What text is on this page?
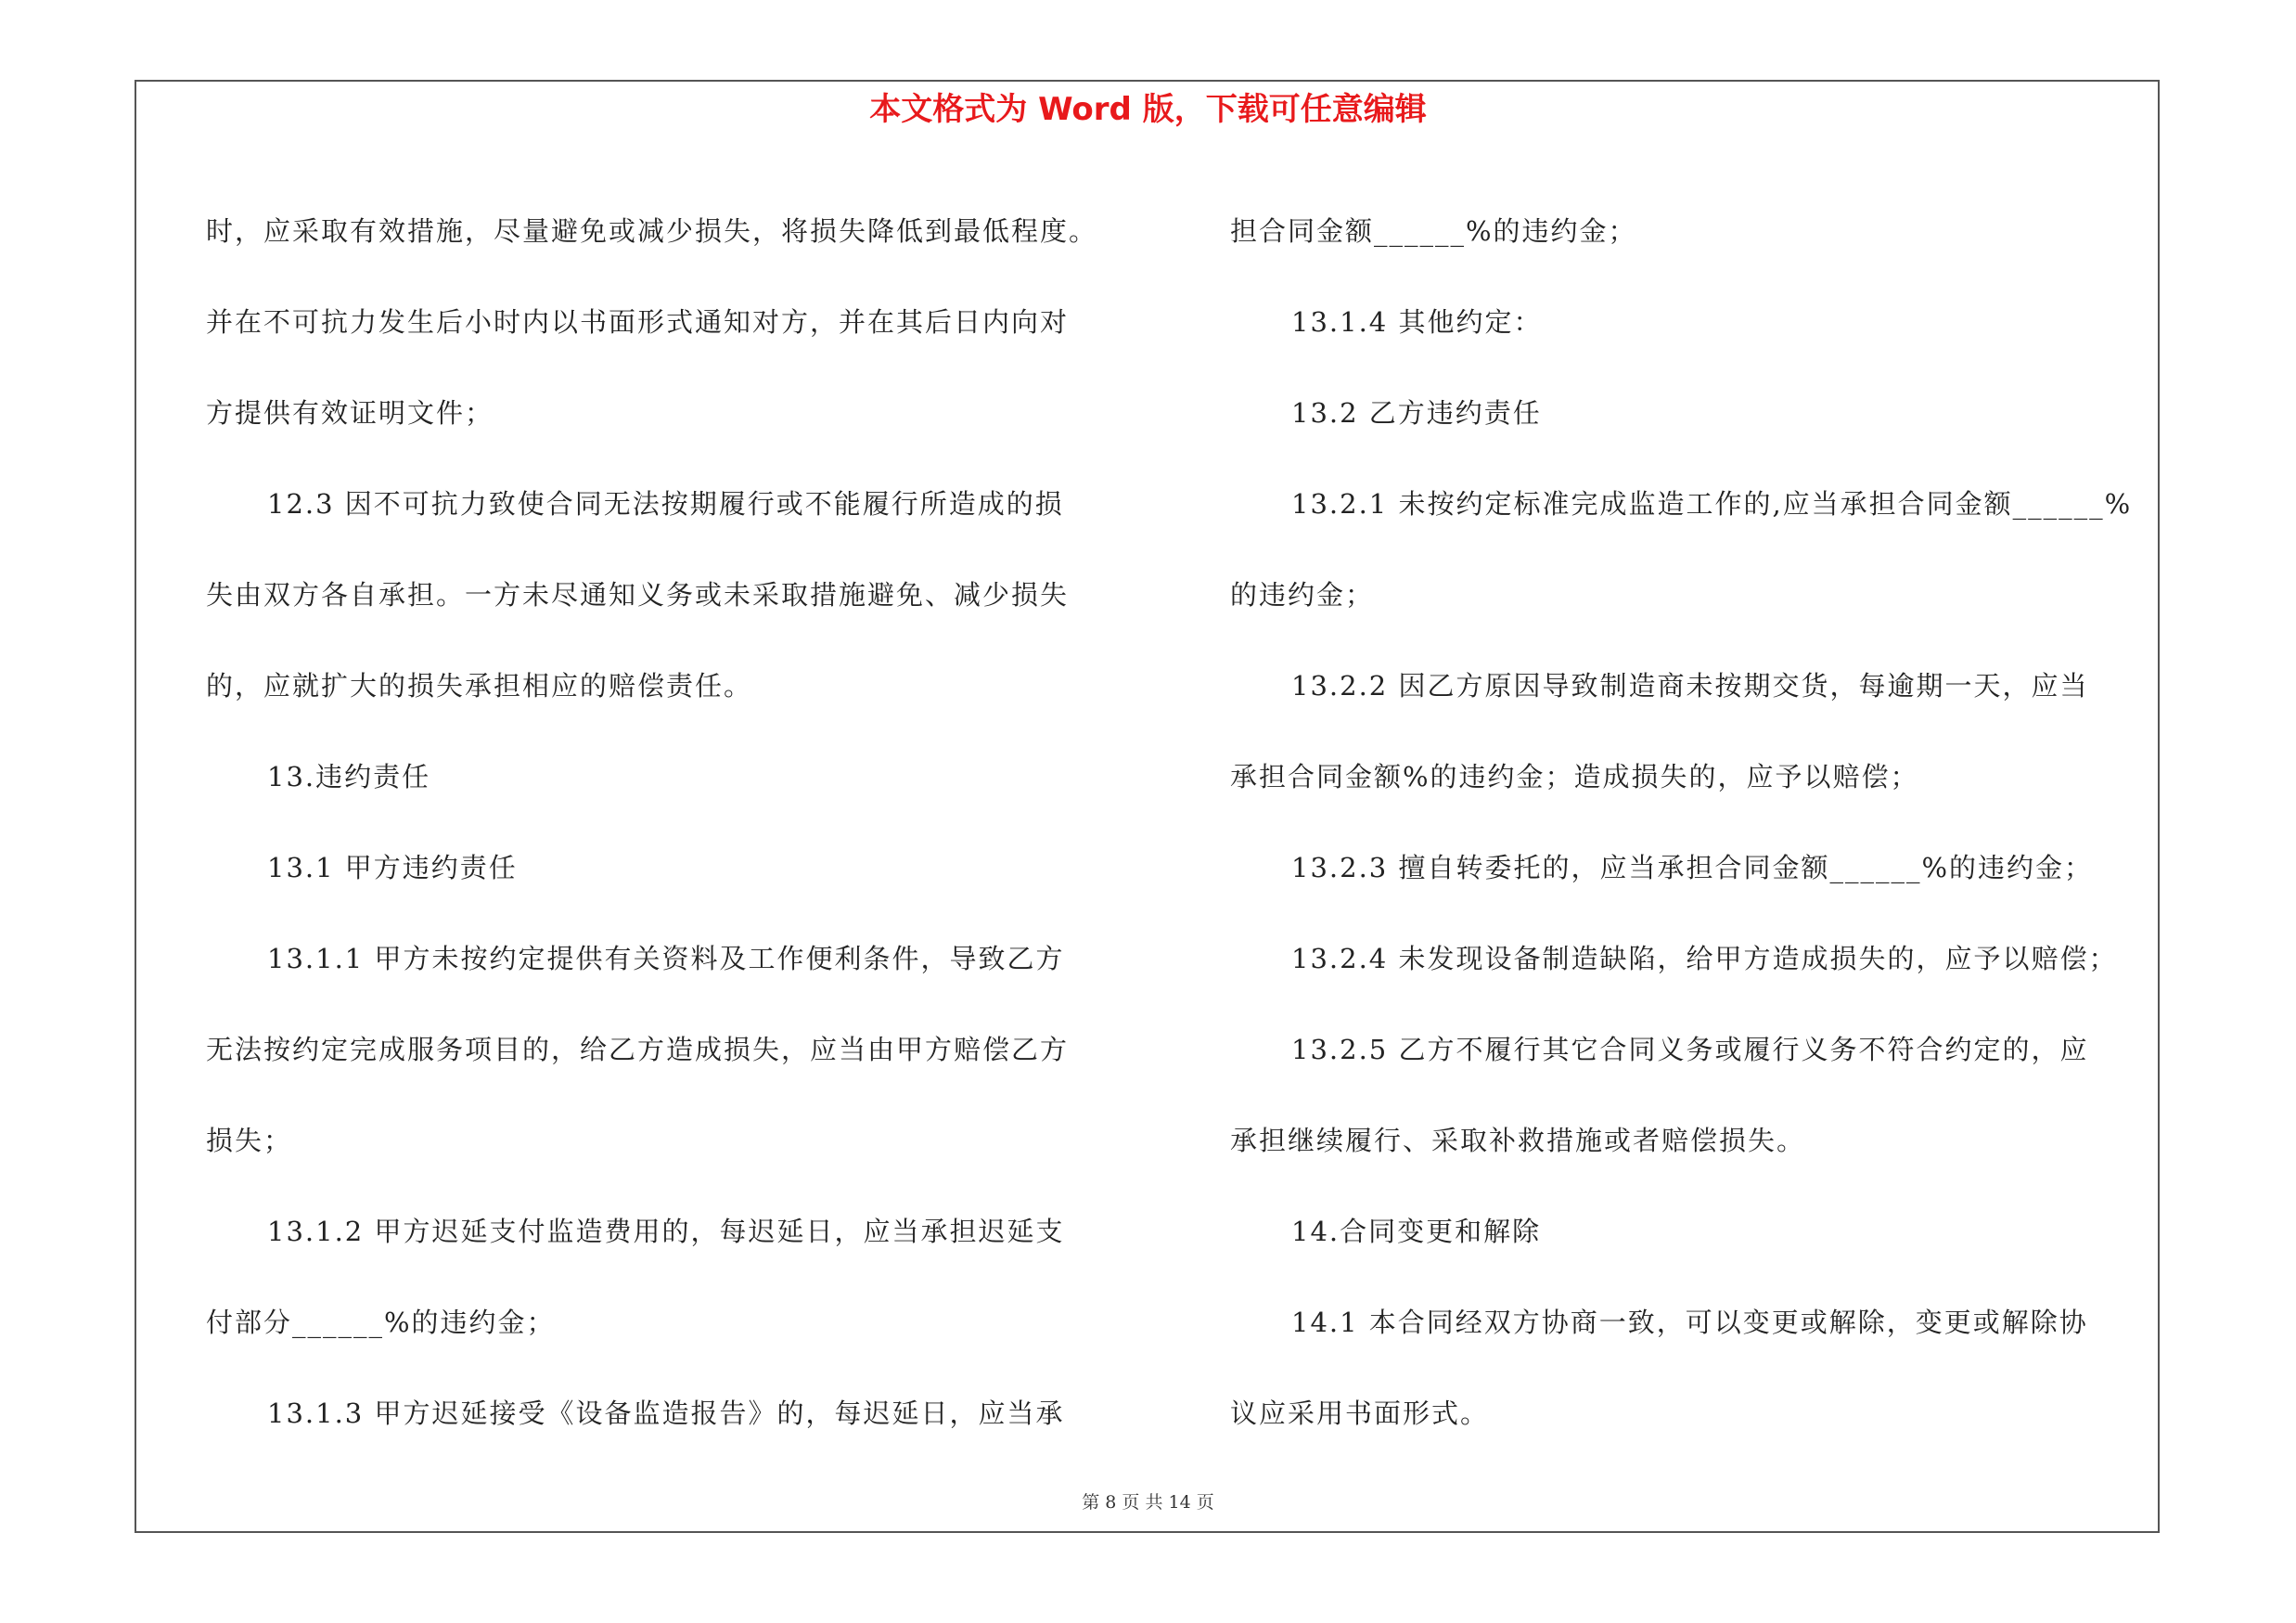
本文格式为 Word 版，下载可任意编辑
时，应采取有效措施，尽量避免或减少损失，将损失降低到最低程度。
并在不可抗力发生后小时内以书面形式通知对方，并在其后日内向对
方提供有效证明文件；
12.3 因不可抗力致使合同无法按期履行或不能履行所造成的损
失由双方各自承担。一方未尽通知义务或未采取措施避免、减少损失
的，应就扩大的损失承担相应的赔偿责任。
13.违约责任
13.1 甲方违约责任
13.1.1 甲方未按约定提供有关资料及工作便利条件，导致乙方
无法按约定完成服务项目的，给乙方造成损失，应当由甲方赔偿乙方
损失；
13.1.2 甲方迟延支付监造费用的，每迟延日，应当承担迟延支
付部分______%的违约金；
13.1.3 甲方迟延接受《设备监造报告》的，每迟延日，应当承
担合同金额______%的违约金；
13.1.4 其他约定：
13.2 乙方违约责任
13.2.1 未按约定标准完成监造工作的,应当承担合同金额______%
的违约金；
13.2.2 因乙方原因导致制造商未按期交货，每逾期一天，应当
承担合同金额%的违约金；造成损失的，应予以赔偿；
13.2.3 擅自转委托的，应当承担合同金额______%的违约金；
13.2.4 未发现设备制造缺陷，给甲方造成损失的，应予以赔偿；
13.2.5 乙方不履行其它合同义务或履行义务不符合约定的，应
承担继续履行、采取补救措施或者赔偿损失。
14.合同变更和解除
14.1 本合同经双方协商一致，可以变更或解除，变更或解除协
议应采用书面形式。
第 8 页 共 14 页
